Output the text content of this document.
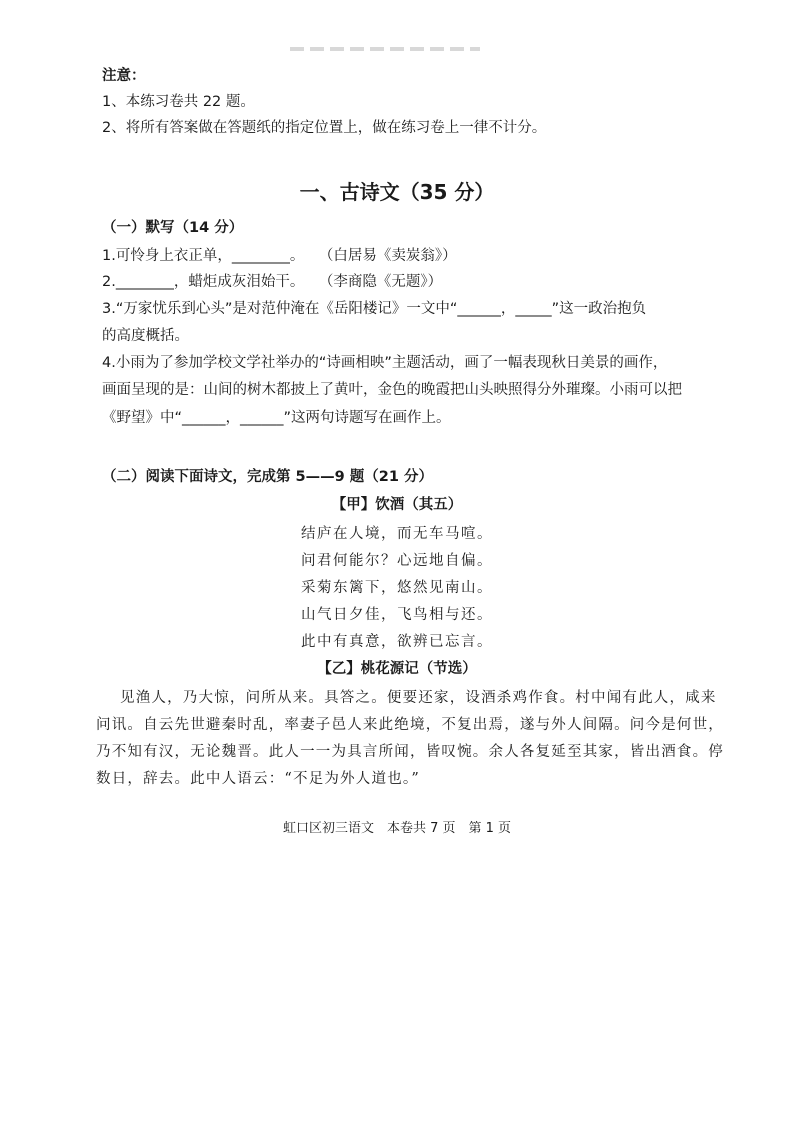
注意：
1、本练习卷共 22 题。
2、将所有答案做在答题纸的指定位置上，做在练习卷上一律不计分。
一、古诗文（35 分）
（一）默写（14 分）
1.可怜身上衣正单，________。　　（白居易《卖炭翁》）
2.________，蜡炬成灰泪始干。　　（李商隐《无题》）
3.“万家忧乐到心头”是对范仲淹在《岳阳楼记》一文中“______，_____”这一政治抱负
的高度概括。
4.小雨为了参加学校文学社举办的“诗画相映”主题活动，画了一幅表现秋日美景的画作，
画面呈现的是：山间的树木都披上了黄叶，金色的晚霞把山头映照得分外璀璨。小雨可以把
《野望》中“______，______”这两句诗题写在画作上。
（二）阅读下面诗文，完成第 5——9 题（21 分）
【甲】饮酒（其五）
结庐在人境，而无车马喧。
问君何能尔？心远地自偏。
采菊东篱下，悠然见南山。
山气日夕佳，飞鸟相与还。
此中有真意，欲辨已忘言。
【乙】桃花源记（节选）
见渔人，乃大惊，问所从来。具答之。便要还家，设酒杀鸡作食。村中闻有此人，咸来
问讯。自云先世避秦时乱，率妻子邑人来此绝境，不复出焉，遂与外人间隔。问今是何世，
乃不知有汉，无论魏晋。此人一一为具言所闻，皆叹惋。余人各复延至其家，皆出酒食。停
数日，辞去。此中人语云：“不足为外人道也。”
虹口区初三语文　本卷共 7 页　第 1 页
